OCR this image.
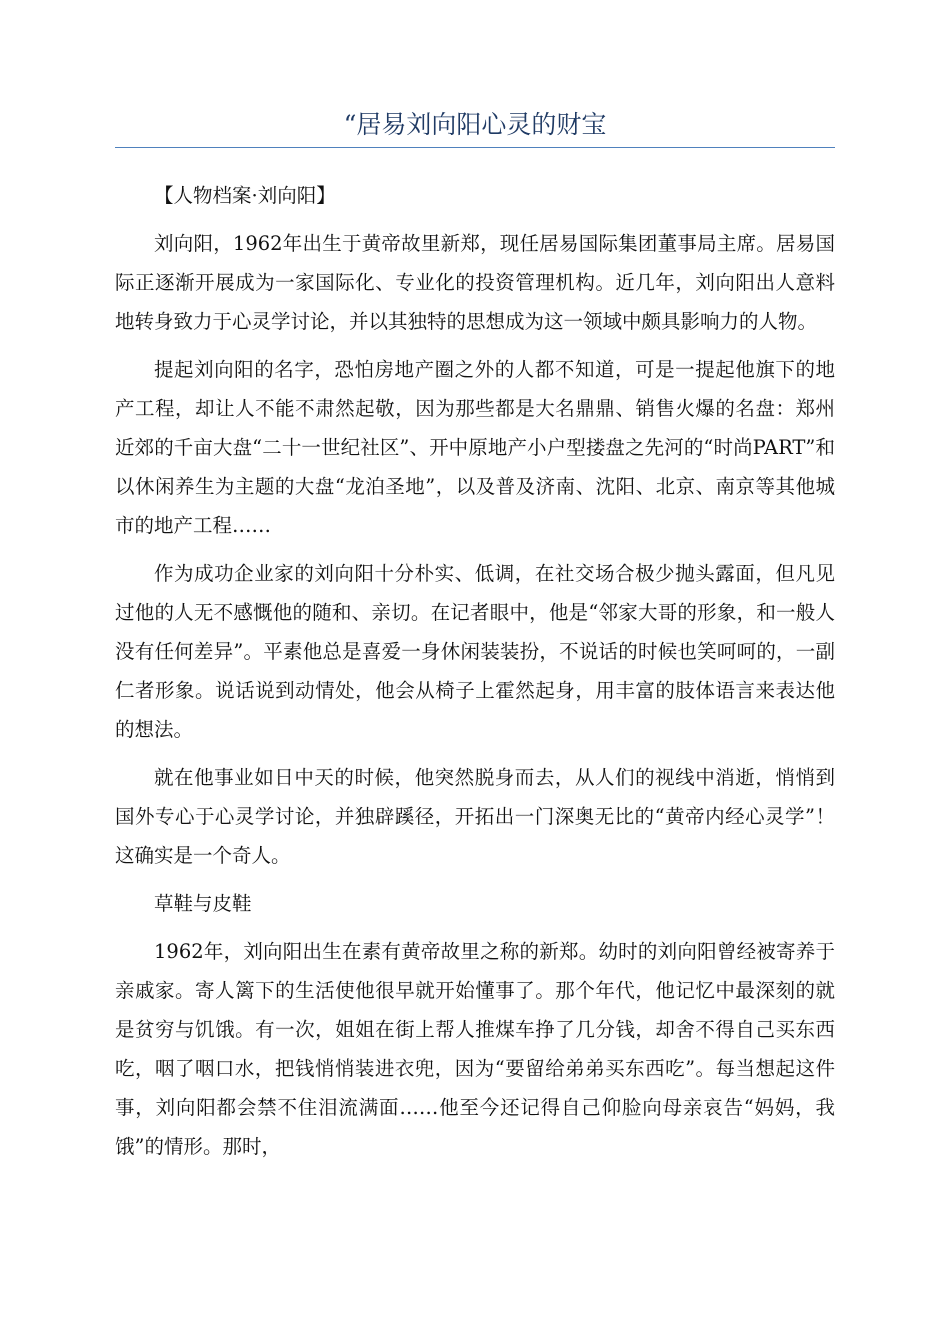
“居易刘向阳心灵的财宝

【人物档案·刘向阳】

刘向阳，1962年出生于黄帝故里新郑，现任居易国际集团董事局主席。居易国际正逐渐开展成为一家国际化、专业化的投资管理机构。近几年，刘向阳出人意料地转身致力于心灵学讨论，并以其独特的思想成为这一领域中颇具影响力的人物。

提起刘向阳的名字，恐怕房地产圈之外的人都不知道，可是一提起他旗下的地产工程，却让人不能不肃然起敬，因为那些都是大名鼎鼎、销售火爆的名盘：郑州近郊的千亩大盘“二十一世纪社区”、开中原地产小户型搂盘之先河的“时尚PART”和以休闲养生为主题的大盘“龙泊圣地”，以及普及济南、沈阳、北京、南京等其他城市的地产工程……

作为成功企业家的刘向阳十分朴实、低调，在社交场合极少抛头露面，但凡见过他的人无不感慨他的随和、亲切。在记者眼中，他是“邻家大哥的形象，和一般人没有任何差异”。平素他总是喜爱一身休闲装装扮，不说话的时候也笑呵呵的，一副仁者形象。说话说到动情处，他会从椅子上霍然起身，用丰富的肢体语言来表达他的想法。

就在他事业如日中天的时候，他突然脱身而去，从人们的视线中消逝，悄悄到国外专心于心灵学讨论，并独辟蹊径，开拓出一门深奥无比的“黄帝内经心灵学”！这确实是一个奇人。

草鞋与皮鞋

1962年，刘向阳出生在素有黄帝故里之称的新郑。幼时的刘向阳曾经被寄养于亲戚家。寄人篱下的生活使他很早就开始懂事了。那个年代，他记忆中最深刻的就是贫穷与饥饿。有一次，姐姐在街上帮人推煤车挣了几分钱，却舍不得自己买东西吃，咽了咽口水，把钱悄悄装进衣兜，因为“要留给弟弟买东西吃”。每当想起这件事，刘向阳都会禁不住泪流满面……他至今还记得自己仰脸向母亲哀告“妈妈，我饿”的情形。那时，
